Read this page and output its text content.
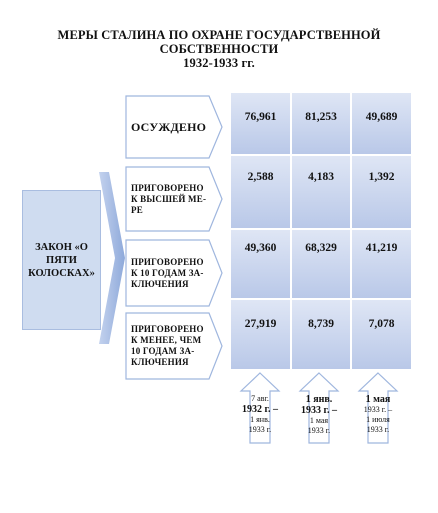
МЕРЫ СТАЛИНА ПО ОХРАНЕ ГОСУДАРСТВЕННОЙ
СОБСТВЕННОСТИ
1932-1933 гг.
ЗАКОН «О ПЯТИ КОЛОСКАХ»
ОСУЖДЕНО
ПРИГОВОРЕНО К ВЫСШЕЙ МЕ-РЕ
ПРИГОВОРЕНО К 10 ГОДАМ ЗА-КЛЮЧЕНИЯ
ПРИГОВОРЕНО К МЕНЕЕ, ЧЕМ 10 ГОДАМ ЗА-КЛЮЧЕНИЯ
76,961	81,253	49,689
2,588	4,183	1,392
49,360	68,329	41,219
27,919	8,739	7,078
7 авг.
1932 г. –
1 янв.
1933 г.
1 янв.
1933 г. –
1 мая
1933 г.
1 мая
1933 г. –
1 июля
1933 г.
